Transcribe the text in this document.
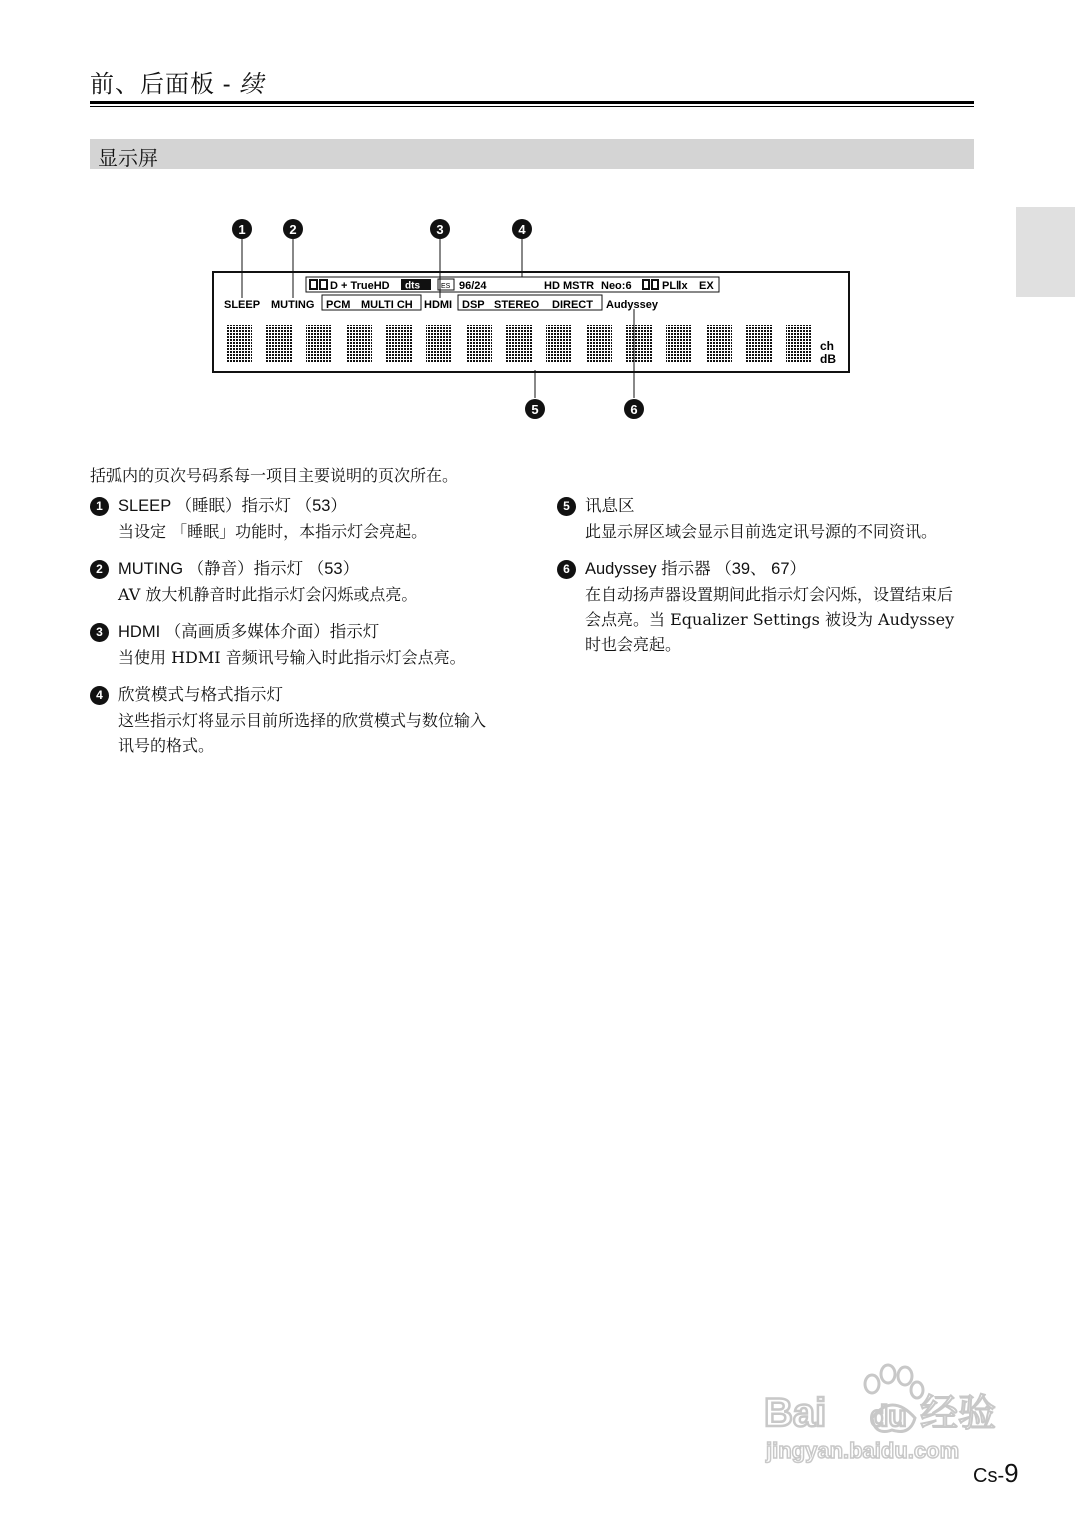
前、后面板 - 续
显示屏
D + TrueHD dts	ES 96/24	HD MSTR Neo:6	PLⅡx EX
SLEEP MUTING PCM MULTI CH HDMI DSP STEREO DIRECT Audyssey
ch
dB
1	2	3	4
5	6
括弧内的页次号码系每一项目主要说明的页次所在。
1 SLEEP （睡眠）指示灯 （53）
当设定 「睡眠」功能时，本指示灯会亮起。
2 MUTING （静音）指示灯 （53）
AV 放大机静音时此指示灯会闪烁或点亮。
3 HDMI （高画质多媒体介面）指示灯
当使用 HDMI 音频讯号输入时此指示灯会点亮。
4 欣赏模式与格式指示灯
这些指示灯将显示目前所选择的欣赏模式与数位输入讯号的格式。
5 讯息区
此显示屏区域会显示目前选定讯号源的不同资讯。
6 Audyssey 指示器 （39、 67）
在自动扬声器设置期间此指示灯会闪烁，设置结束后会点亮。当 Equalizer Settings 被设为 Audyssey 时也会亮起。
Bai du 经验
jingyan.baidu.com
Cs-9
